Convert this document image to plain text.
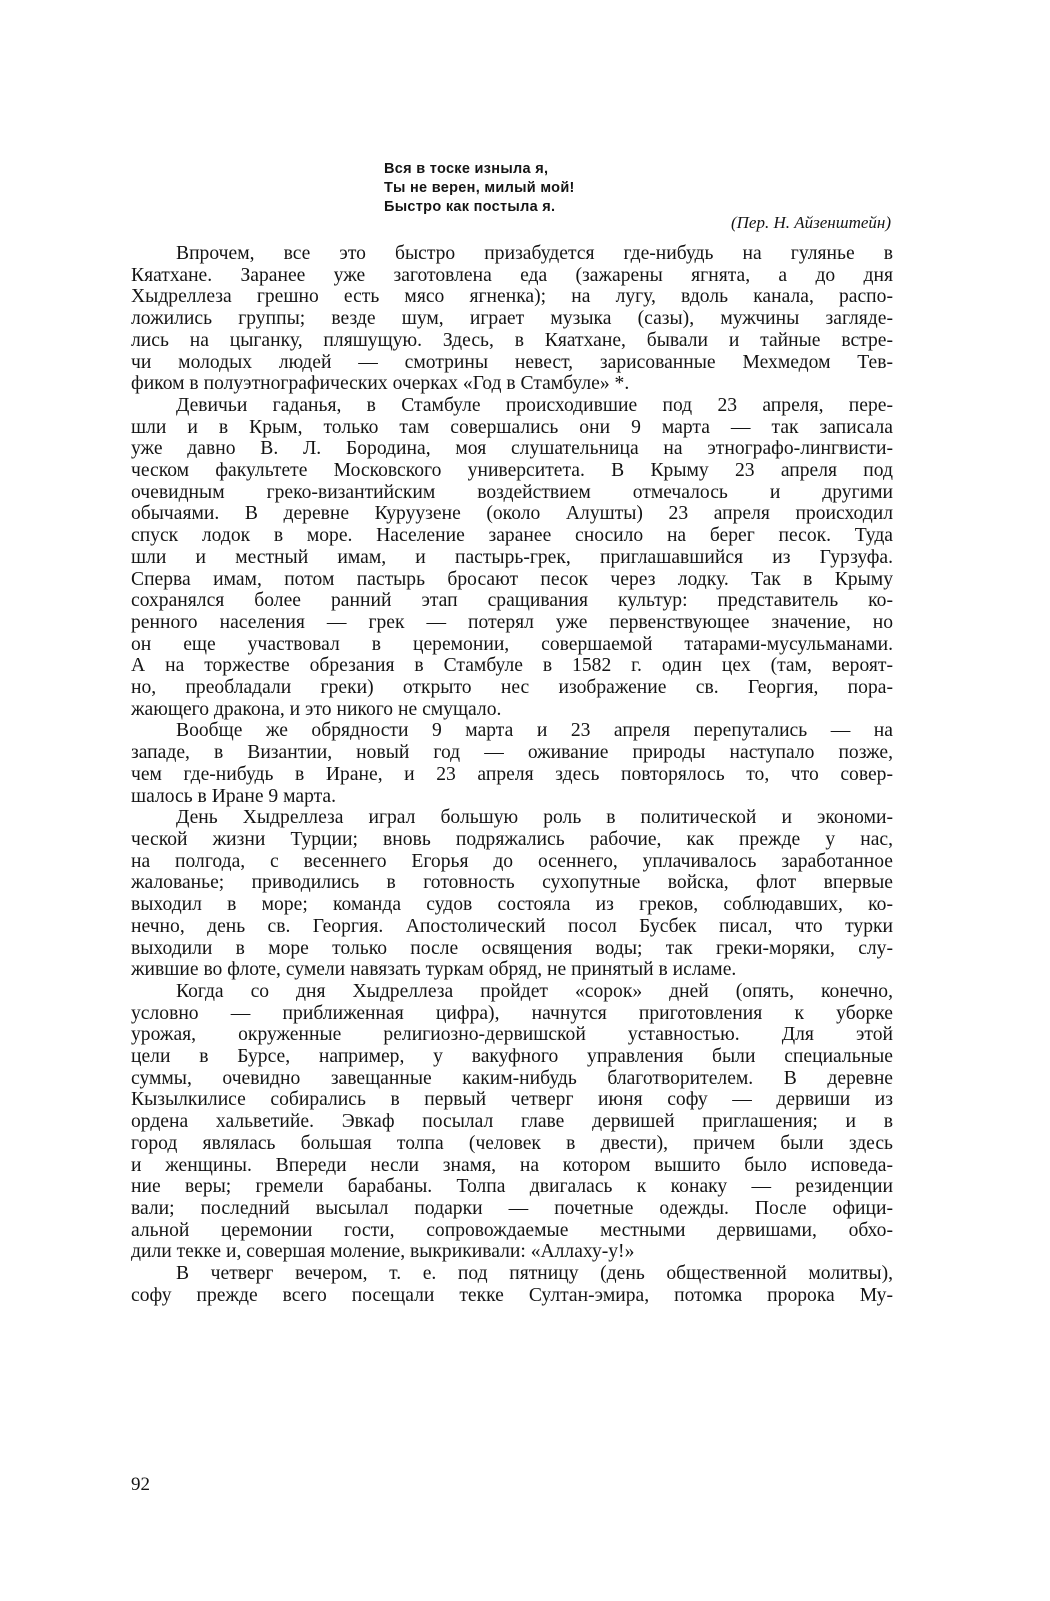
Вся в тоске изныла я,
Ты не верен, милый мой!
Быстро как постыла я.
(Пер. Н. Айзенштейн)

Впрочем, все это быстро призабудется где-нибудь на гулянье в
Кяатхане. Заранее уже заготовлена еда (зажарены ягнята, а до дня
Хыдреллеза грешно есть мясо ягненка); на лугу, вдоль канала, распо-
ложились группы; везде шум, играет музыка (сазы), мужчины загляде-
лись на цыганку, пляшущую. Здесь, в Кяатхане, бывали и тайные встре-
чи молодых людей — смотрины невест, зарисованные Мехмедом Тев-
фиком в полуэтнографических очерках «Год в Стамбуле» *.

Девичьи гаданья, в Стамбуле происходившие под 23 апреля, пере-
шли и в Крым, только там совершались они 9 марта — так записала
уже давно В. Л. Бородина, моя слушательница на этнографо-лингвисти-
ческом факультете Московского университета. В Крыму 23 апреля под
очевидным греко-византийским воздействием отмечалось и другими
обычаями. В деревне Куруузене (около Алушты) 23 апреля происходил
спуск лодок в море. Население заранее сносило на берег песок. Туда
шли и местный имам, и пастырь-грек, приглашавшийся из Гурзуфа.
Сперва имам, потом пастырь бросают песок через лодку. Так в Крыму
сохранялся более ранний этап сращивания культур: представитель ко-
ренного населения — грек — потерял уже первенствующее значение, но
он еще участвовал в церемонии, совершаемой татарами-мусульманами.
А на торжестве обрезания в Стамбуле в 1582 г. один цех (там, вероят-
но, преобладали греки) открыто нес изображение св. Георгия, пора-
жающего дракона, и это никого не смущало.

Вообще же обрядности 9 марта и 23 апреля перепутались — на
западе, в Византии, новый год — оживание природы наступало позже,
чем где-нибудь в Иране, и 23 апреля здесь повторялось то, что совер-
шалось в Иране 9 марта.

День Хыдреллеза играл большую роль в политической и экономи-
ческой жизни Турции; вновь подряжались рабочие, как прежде у нас,
на полгода, с весеннего Егорья до осеннего, уплачивалось заработанное
жалованье; приводились в готовность сухопутные войска, флот впервые
выходил в море; команда судов состояла из греков, соблюдавших, ко-
нечно, день св. Георгия. Апостолический посол Бусбек писал, что турки
выходили в море только после освящения воды; так греки-моряки, слу-
жившие во флоте, сумели навязать туркам обряд, не принятый в исламе.

Когда со дня Хыдреллеза пройдет «сорок» дней (опять, конечно,
условно — приближенная цифра), начнутся приготовления к уборке
урожая, окруженные религиозно-дервишской уставностью. Для этой
цели в Бурсе, например, у вакуфного управления были специальные
суммы, очевидно завещанные каким-нибудь благотворителем. В деревне
Кызылкилисе собирались в первый четверг июня софу — дервиши из
ордена хальветийе. Эвкаф посылал главе дервишей приглашения; и в
город являлась большая толпа (человек в двести), причем были здесь
и женщины. Впереди несли знамя, на котором вышито было исповеда-
ние веры; гремели барабаны. Толпа двигалась к конаку — резиденции
вали; последний высылал подарки — почетные одежды. После офици-
альной церемонии гости, сопровождаемые местными дервишами, обхо-
дили текке и, совершая моление, выкрикивали: «Аллаху-у!»

В четверг вечером, т. е. под пятницу (день общественной молитвы),
софу прежде всего посещали текке Султан-эмира, потомка пророка Му-

92
